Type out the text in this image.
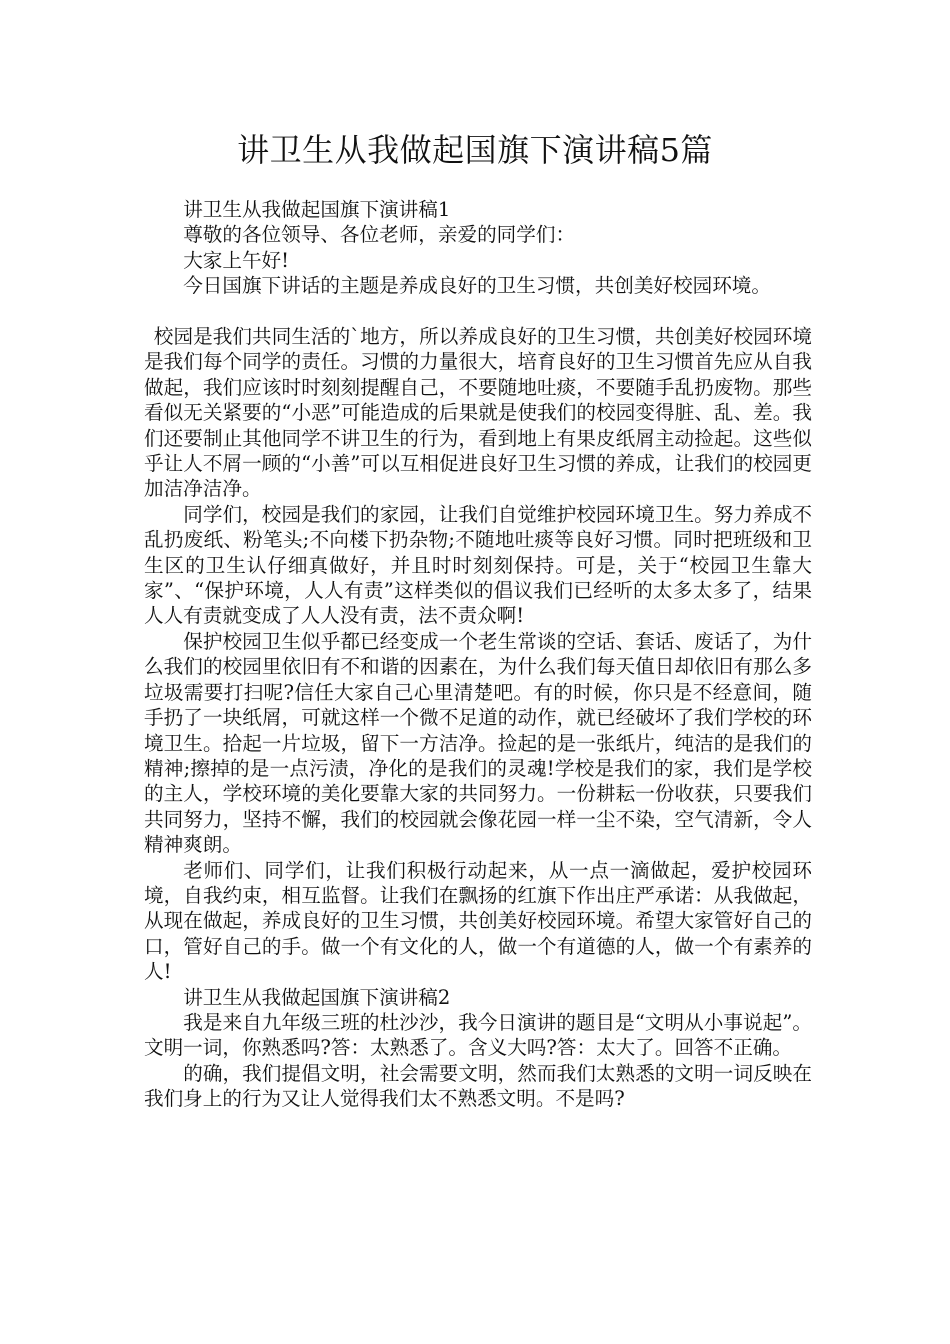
讲卫生从我做起国旗下演讲稿5篇

讲卫生从我做起国旗下演讲稿1

尊敬的各位领导、各位老师，亲爱的同学们：

大家上午好!

今日国旗下讲话的主题是养成良好的卫生习惯，共创美好校园环境。

校园是我们共同生活的`地方，所以养成良好的卫生习惯，共创美好校园环境是我们每个同学的责任。习惯的力量很大，培育良好的卫生习惯首先应从自我做起，我们应该时时刻刻提醒自己，不要随地吐痰，不要随手乱扔废物。那些看似无关紧要的“小恶”可能造成的后果就是使我们的校园变得脏、乱、差。我们还要制止其他同学不讲卫生的行为，看到地上有果皮纸屑主动捡起。这些似乎让人不屑一顾的“小善”可以互相促进良好卫生习惯的养成，让我们的校园更加洁净洁净。

同学们，校园是我们的家园，让我们自觉维护校园环境卫生。努力养成不乱扔废纸、粉笔头;不向楼下扔杂物;不随地吐痰等良好习惯。同时把班级和卫生区的卫生认仔细真做好，并且时时刻刻保持。可是，关于“校园卫生靠大家”、“保护环境，人人有责”这样类似的倡议我们已经听的太多太多了，结果人人有责就变成了人人没有责，法不责众啊!

保护校园卫生似乎都已经变成一个老生常谈的空话、套话、废话了，为什么我们的校园里依旧有不和谐的因素在，为什么我们每天值日却依旧有那么多垃圾需要打扫呢?信任大家自己心里清楚吧。有的时候，你只是不经意间，随手扔了一块纸屑，可就这样一个微不足道的动作，就已经破坏了我们学校的环境卫生。拾起一片垃圾，留下一方洁净。捡起的是一张纸片，纯洁的是我们的精神;擦掉的是一点污渍，净化的是我们的灵魂!学校是我们的家，我们是学校的主人，学校环境的美化要靠大家的共同努力。一份耕耘一份收获，只要我们共同努力，坚持不懈，我们的校园就会像花园一样一尘不染，空气清新，令人精神爽朗。

老师们、同学们，让我们积极行动起来，从一点一滴做起，爱护校园环境，自我约束，相互监督。让我们在飘扬的红旗下作出庄严承诺：从我做起，从现在做起，养成良好的卫生习惯，共创美好校园环境。希望大家管好自己的口，管好自己的手。做一个有文化的人，做一个有道德的人，做一个有素养的人!

讲卫生从我做起国旗下演讲稿2

我是来自九年级三班的杜沙沙，我今日演讲的题目是“文明从小事说起”。文明一词，你熟悉吗?答：太熟悉了。含义大吗?答：太大了。回答不正确。

的确，我们提倡文明，社会需要文明，然而我们太熟悉的文明一词反映在我们身上的行为又让人觉得我们太不熟悉文明。不是吗?
